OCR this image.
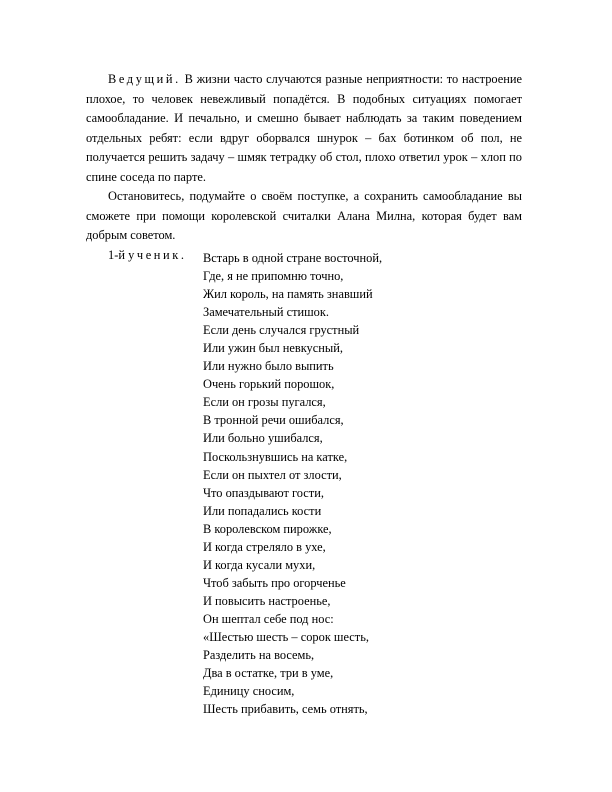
Ведущий. В жизни часто случаются разные неприятности: то настроение плохое, то человек невежливый попадётся. В подобных ситуациях помогает самообладание. И печально, и смешно бывает наблюдать за таким поведением отдельных ребят: если вдруг оборвался шнурок – бах ботинком об пол, не получается решить задачу – шмяк тетрадку об стол, плохо ответил урок – хлоп по спине соседа по парте.

Остановитесь, подумайте о своём поступке, а сохранить самообладание вы сможете при помощи королевской считалки Алана Милна, которая будет вам добрым советом.

1-й ученик.	Встарь в одной стране восточной,
Где, я не припомню точно,
Жил король, на память знавший
Замечательный стишок.
Если день случался грустный
Или ужин был невкусный,
Или нужно было выпить
Очень горький порошок,
Если он грозы пугался,
В тронной речи ошибался,
Или больно ушибался,
Поскользнувшись на катке,
Если он пыхтел от злости,
Что опаздывают гости,
Или попадались кости
В королевском пирожке,
И когда стреляло в ухе,
И когда кусали мухи,
Чтоб забыть про огорченье
И повысить настроенье,
Он шептал себе под нос:
«Шестью шесть – сорок шесть,
Разделить на восемь,
Два в остатке, три в уме,
Единицу сносим,
Шесть прибавить, семь отнять,
